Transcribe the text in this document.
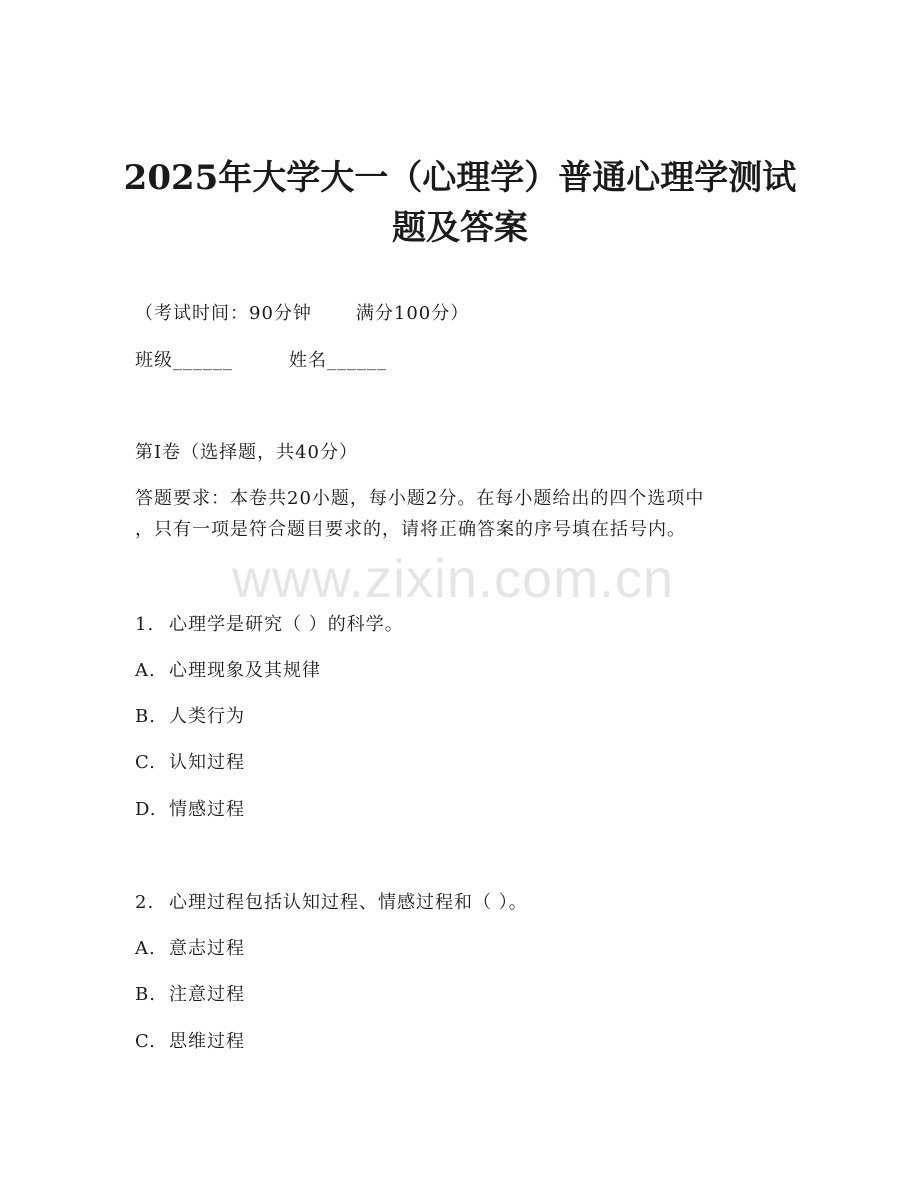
2025年大学大一（心理学）普通心理学测试
题及答案
（考试时间：90分钟 满分100分）
班级______	姓名______
第I卷（选择题，共40分）
答题要求：本卷共20小题，每小题2分。在每小题给出的四个选项中
，只有一项是符合题目要求的，请将正确答案的序号填在括号内。
www.zixin.com.cn
1. 心理学是研究（ ）的科学。
A. 心理现象及其规律
B. 人类行为
C. 认知过程
D. 情感过程
2. 心理过程包括认知过程、情感过程和（ ）。
A. 意志过程
B. 注意过程
C. 思维过程
